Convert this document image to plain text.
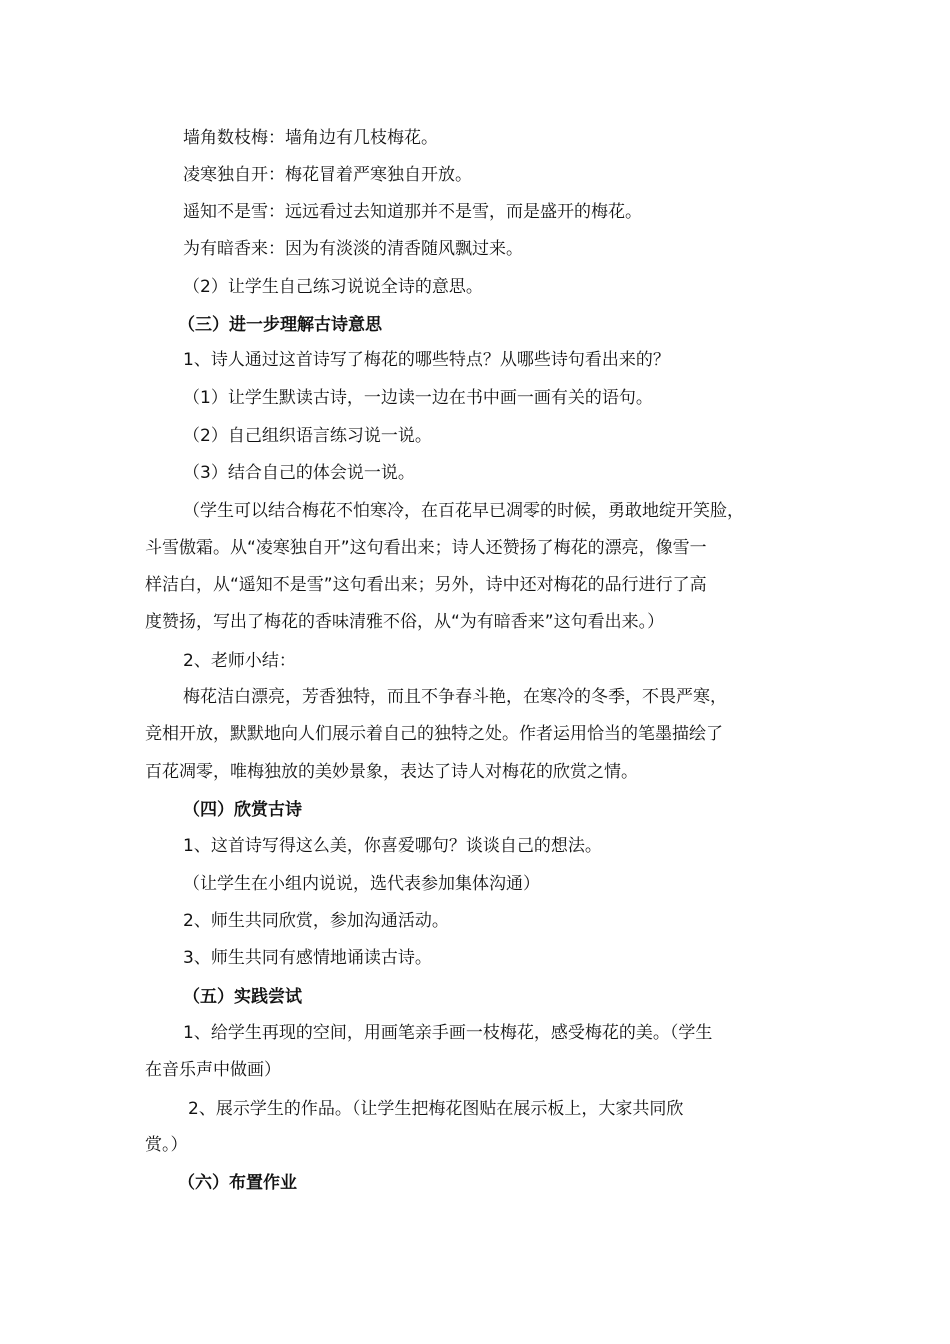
墙角数枝梅：墙角边有几枝梅花。
凌寒独自开：梅花冒着严寒独自开放。
遥知不是雪：远远看过去知道那并不是雪，而是盛开的梅花。
为有暗香来：因为有淡淡的清香随风飘过来。
（2）让学生自己练习说说全诗的意思。
（三）进一步理解古诗意思
1、诗人通过这首诗写了梅花的哪些特点？从哪些诗句看出来的？
（1）让学生默读古诗，一边读一边在书中画一画有关的语句。
（2）自己组织语言练习说一说。
（3）结合自己的体会说一说。
（学生可以结合梅花不怕寒冷，在百花早已凋零的时候，勇敢地绽开笑脸，
斗雪傲霜。从“凌寒独自开”这句看出来；诗人还赞扬了梅花的漂亮，像雪一
样洁白，从“遥知不是雪”这句看出来；另外，诗中还对梅花的品行进行了高
度赞扬，写出了梅花的香味清雅不俗，从“为有暗香来”这句看出来。）
2、老师小结：
梅花洁白漂亮，芳香独特，而且不争春斗艳，在寒冷的冬季，不畏严寒，
竞相开放，默默地向人们展示着自己的独特之处。作者运用恰当的笔墨描绘了
百花凋零，唯梅独放的美妙景象，表达了诗人对梅花的欣赏之情。
（四）欣赏古诗
1、这首诗写得这么美，你喜爱哪句？谈谈自己的想法。
（让学生在小组内说说，选代表参加集体沟通）
2、师生共同欣赏，参加沟通活动。
3、师生共同有感情地诵读古诗。
（五）实践尝试
1、给学生再现的空间，用画笔亲手画一枝梅花，感受梅花的美。（学生
在音乐声中做画）
2、展示学生的作品。（让学生把梅花图贴在展示板上，大家共同欣
赏。）
（六）布置作业
